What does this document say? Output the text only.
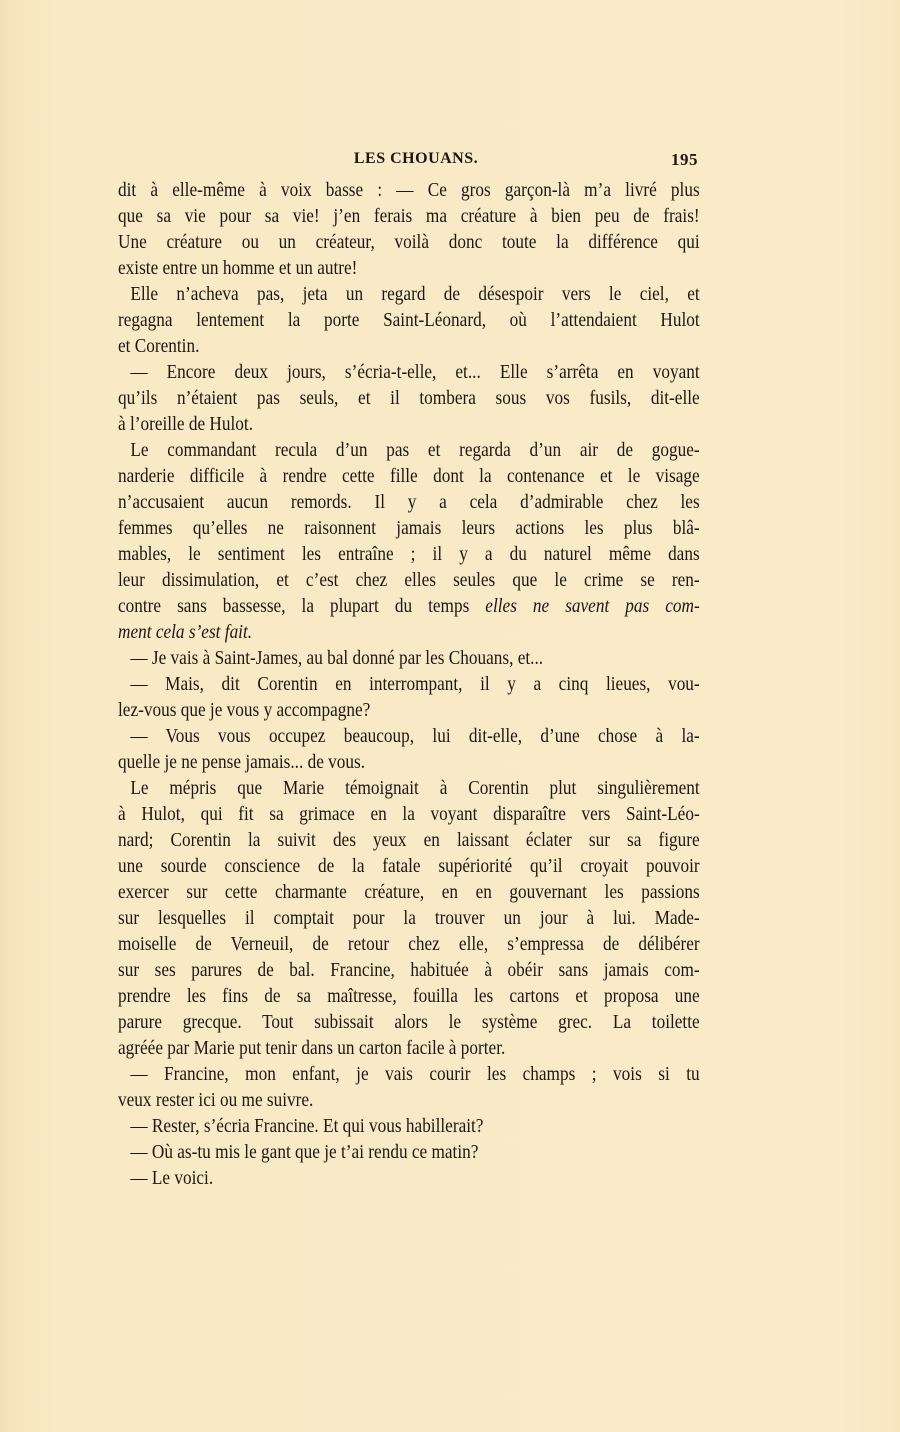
LES CHOUANS.	195
dit à elle-même à voix basse : — Ce gros garçon-là m’a livré plus
que sa vie pour sa vie! j’en ferais ma créature à bien peu de frais!
Une créature ou un créateur, voilà donc toute la différence qui
existe entre un homme et un autre!
Elle n’acheva pas, jeta un regard de désespoir vers le ciel, et
regagna lentement la porte Saint-Léonard, où l’attendaient Hulot
et Corentin.
— Encore deux jours, s’écria-t-elle, et... Elle s’arrêta en voyant
qu’ils n’étaient pas seuls, et il tombera sous vos fusils, dit-elle
à l’oreille de Hulot.
Le commandant recula d’un pas et regarda d’un air de gogue-
narderie difficile à rendre cette fille dont la contenance et le visage
n’accusaient aucun remords. Il y a cela d’admirable chez les
femmes qu’elles ne raisonnent jamais leurs actions les plus blâ-
mables, le sentiment les entraîne ; il y a du naturel même dans
leur dissimulation, et c’est chez elles seules que le crime se ren-
contre sans bassesse, la plupart du temps elles ne savent pas com-
ment cela s’est fait.
— Je vais à Saint-James, au bal donné par les Chouans, et...
— Mais, dit Corentin en interrompant, il y a cinq lieues, vou-
lez-vous que je vous y accompagne?
— Vous vous occupez beaucoup, lui dit-elle, d’une chose à la-
quelle je ne pense jamais... de vous.
Le mépris que Marie témoignait à Corentin plut singulièrement
à Hulot, qui fit sa grimace en la voyant disparaître vers Saint-Léo-
nard; Corentin la suivit des yeux en laissant éclater sur sa figure
une sourde conscience de la fatale supériorité qu’il croyait pouvoir
exercer sur cette charmante créature, en en gouvernant les passions
sur lesquelles il comptait pour la trouver un jour à lui. Made-
moiselle de Verneuil, de retour chez elle, s’empressa de délibérer
sur ses parures de bal. Francine, habituée à obéir sans jamais com-
prendre les fins de sa maîtresse, fouilla les cartons et proposa une
parure grecque. Tout subissait alors le système grec. La toilette
agréée par Marie put tenir dans un carton facile à porter.
— Francine, mon enfant, je vais courir les champs ; vois si tu
veux rester ici ou me suivre.
— Rester, s’écria Francine. Et qui vous habillerait?
— Où as-tu mis le gant que je t’ai rendu ce matin?
— Le voici.
